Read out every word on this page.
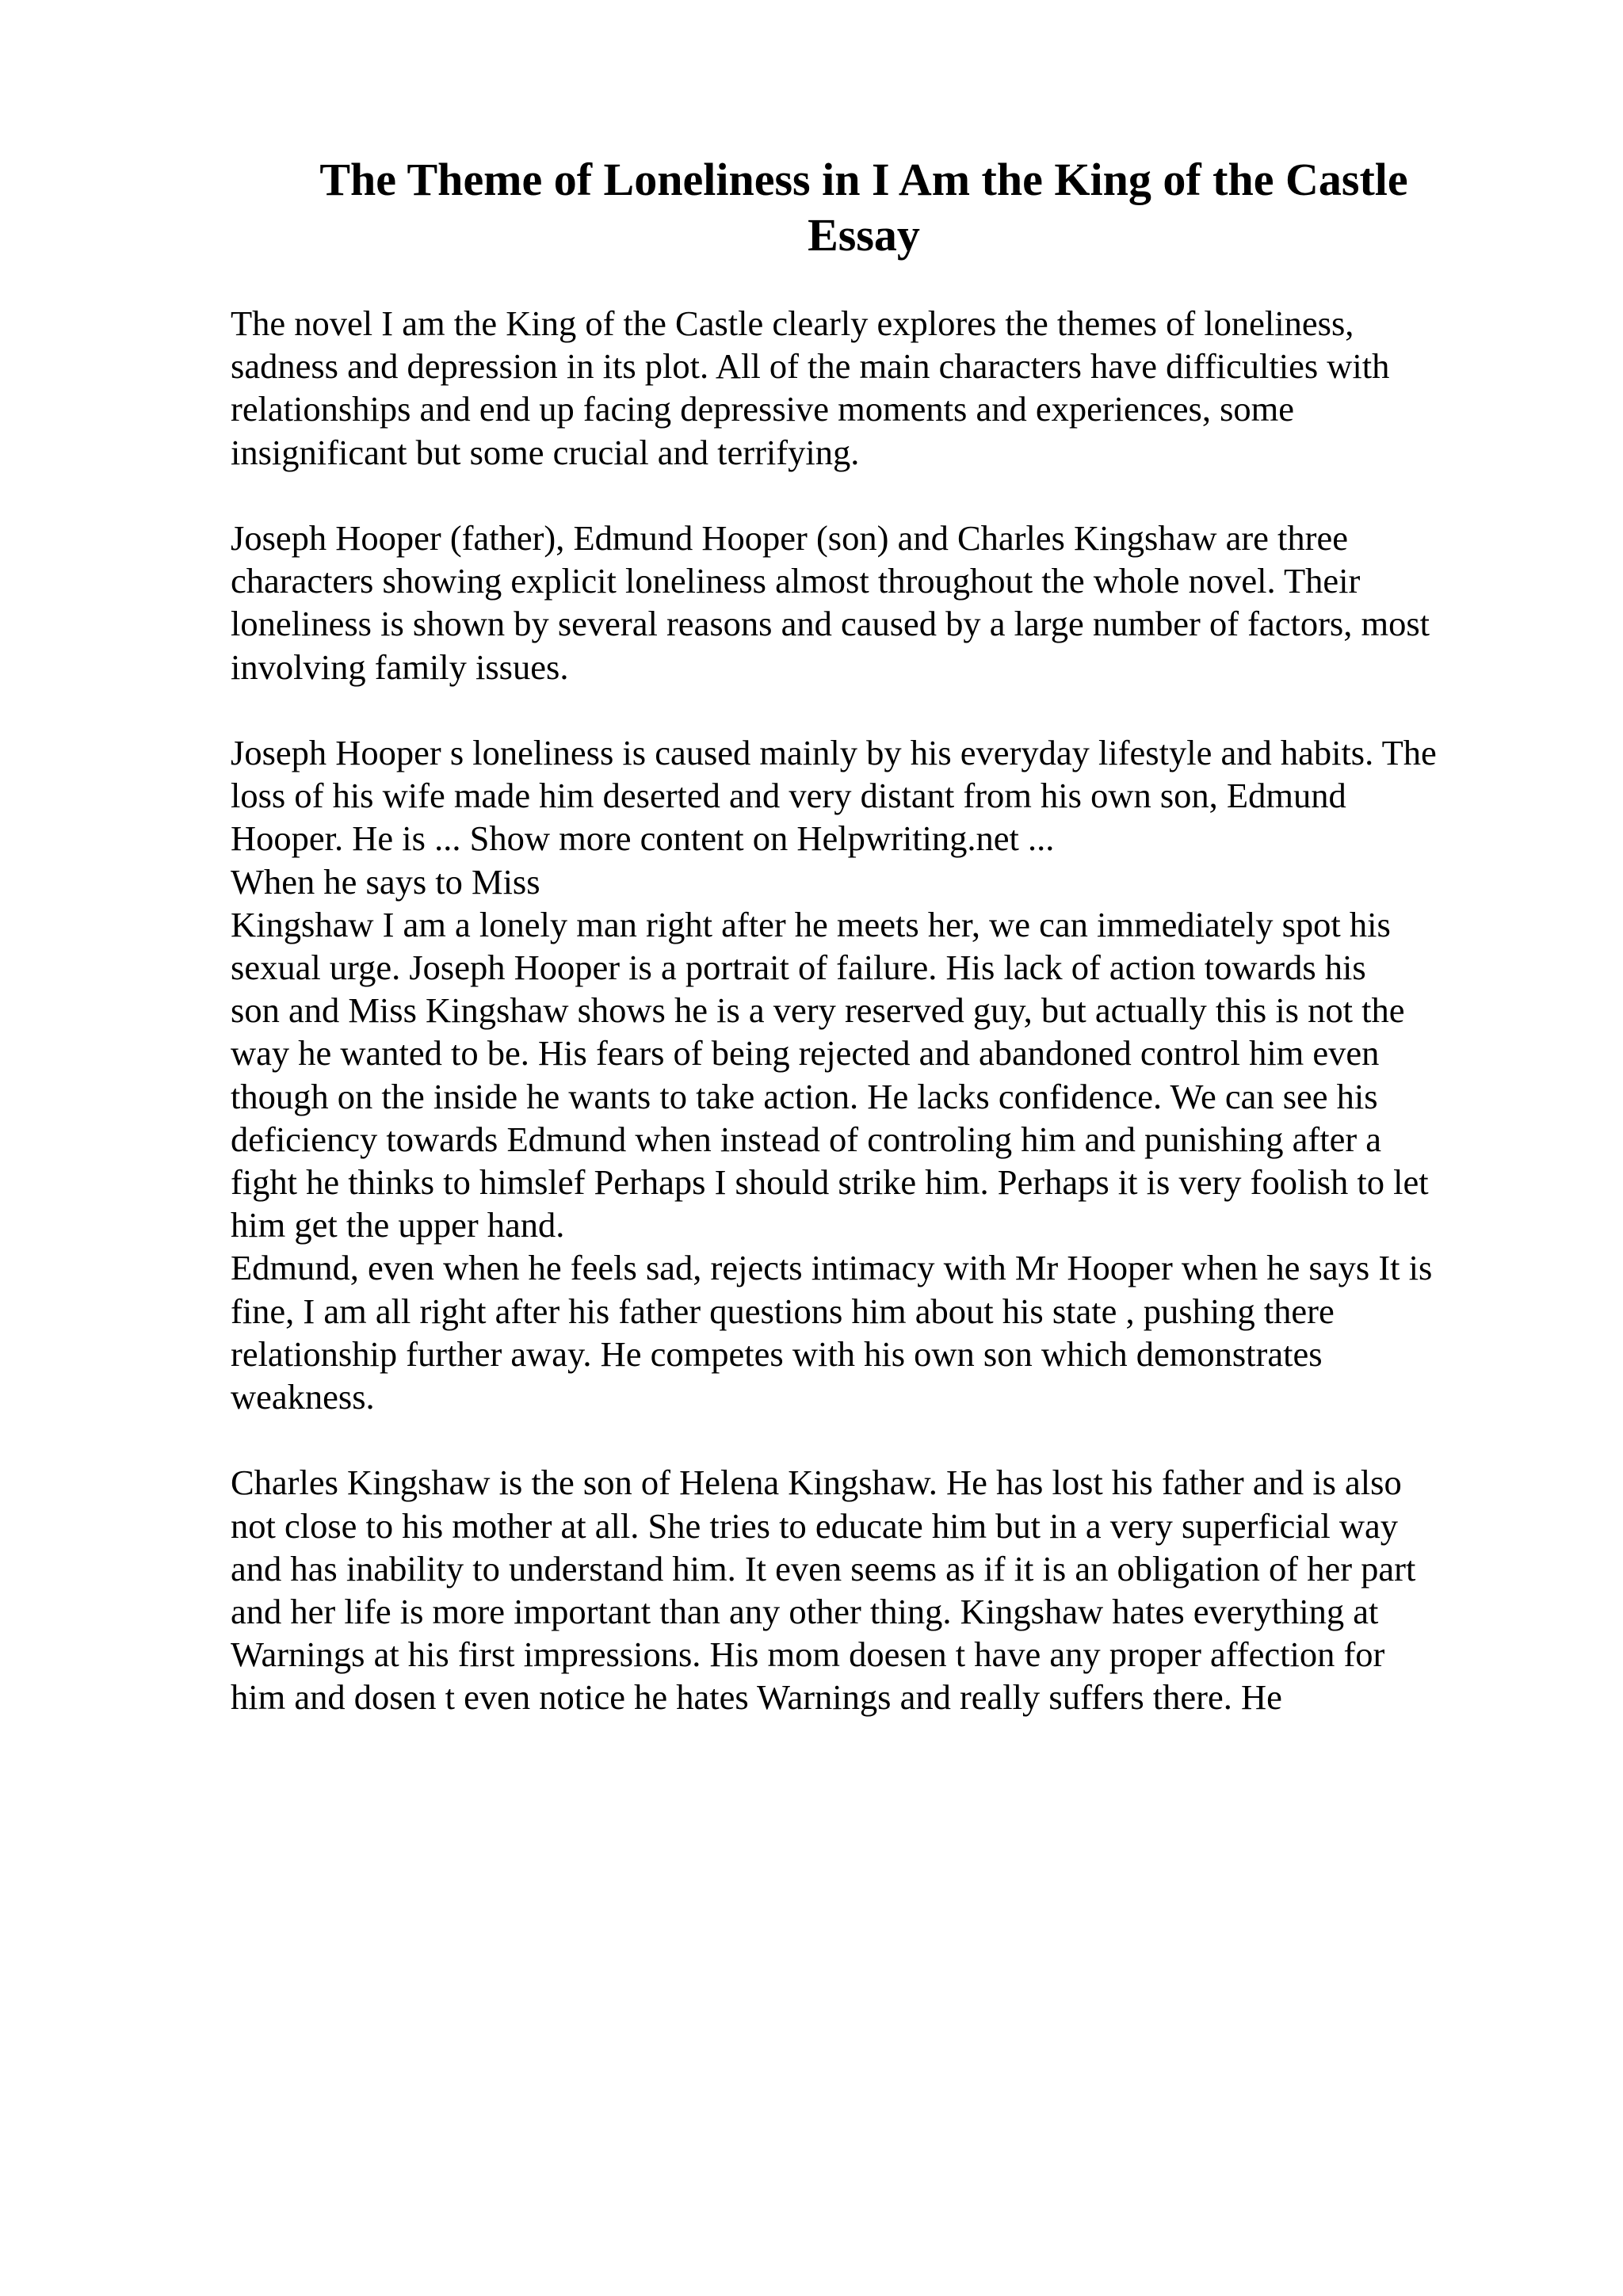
The Theme of Loneliness in I Am the King of the Castle
Essay

The novel I am the King of the Castle clearly explores the themes of loneliness,
sadness and depression in its plot. All of the main characters have difficulties with
relationships and end up facing depressive moments and experiences, some
insignificant but some crucial and terrifying.

Joseph Hooper (father), Edmund Hooper (son) and Charles Kingshaw are three
characters showing explicit loneliness almost throughout the whole novel. Their
loneliness is shown by several reasons and caused by a large number of factors, most
involving family issues.

Joseph Hooper s loneliness is caused mainly by his everyday lifestyle and habits. The
loss of his wife made him deserted and very distant from his own son, Edmund
Hooper. He is ... Show more content on Helpwriting.net ...
When he says to Miss
Kingshaw I am a lonely man right after he meets her, we can immediately spot his
sexual urge. Joseph Hooper is a portrait of failure. His lack of action towards his
son and Miss Kingshaw shows he is a very reserved guy, but actually this is not the
way he wanted to be. His fears of being rejected and abandoned control him even
though on the inside he wants to take action. He lacks confidence. We can see his
deficiency towards Edmund when instead of controling him and punishing after a
fight he thinks to himslef Perhaps I should strike him. Perhaps it is very foolish to let
him get the upper hand.
Edmund, even when he feels sad, rejects intimacy with Mr Hooper when he says It is
fine, I am all right after his father questions him about his state , pushing there
relationship further away. He competes with his own son which demonstrates
weakness.

Charles Kingshaw is the son of Helena Kingshaw. He has lost his father and is also
not close to his mother at all. She tries to educate him but in a very superficial way
and has inability to understand him. It even seems as if it is an obligation of her part
and her life is more important than any other thing. Kingshaw hates everything at
Warnings at his first impressions. His mom doesen t have any proper affection for
him and dosen t even notice he hates Warnings and really suffers there. He
